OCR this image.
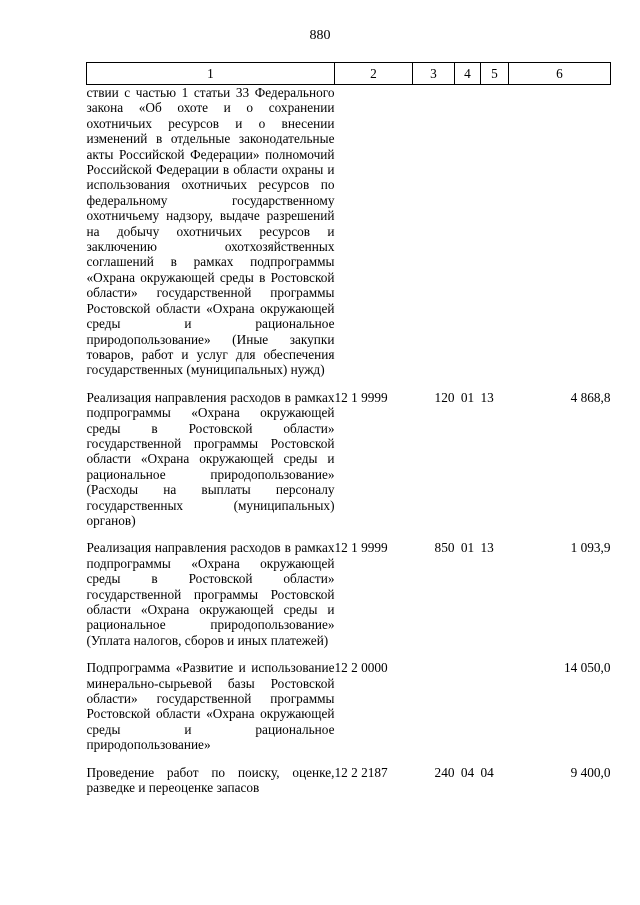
880
1	2	3	4	5	6
ствии с частью 1 статьи 33 Федерального закона «Об охоте и о сохранении охотничьих ресурсов и о внесении изменений в отдельные законодательные акты Российской Федерации» полномочий Российской Федерации в области охраны и использования охотничьих ресурсов по федеральному государственному охотничьему надзору, выдаче разрешений на добычу охотничьих ресурсов и заключению охотхозяйственных соглашений в рамках подпрограммы «Охрана окружающей среды в Ростовской области» государственной программы Ростовской области «Охрана окружающей среды и рациональное природопользование» (Иные закупки товаров, работ и услуг для обеспечения государственных (муниципальных) нужд)					

Реализация направления расходов в рамках подпрограммы «Охрана окружающей среды в Ростовской области» государственной программы Ростовской области «Охрана окружающей среды и рациональное природопользование» (Расходы на выплаты персоналу государственных (муниципальных) органов)	12 1 9999	120	01	13	4 868,8

Реализация направления расходов в рамках подпрограммы «Охрана окружающей среды в Ростовской области» государственной программы Ростовской области «Охрана окружающей среды и рациональное природопользование» (Уплата налогов, сборов и иных платежей)	12 1 9999	850	01	13	1 093,9

Подпрограмма «Развитие и использование минерально-сырьевой базы Ростовской области» государственной программы Ростовской области «Охрана окружающей среды и рациональное природопользование»	12 2 0000				14 050,0

Проведение работ по поиску, оценке, разведке и переоценке запасов	12 2 2187	240	04	04	9 400,0
